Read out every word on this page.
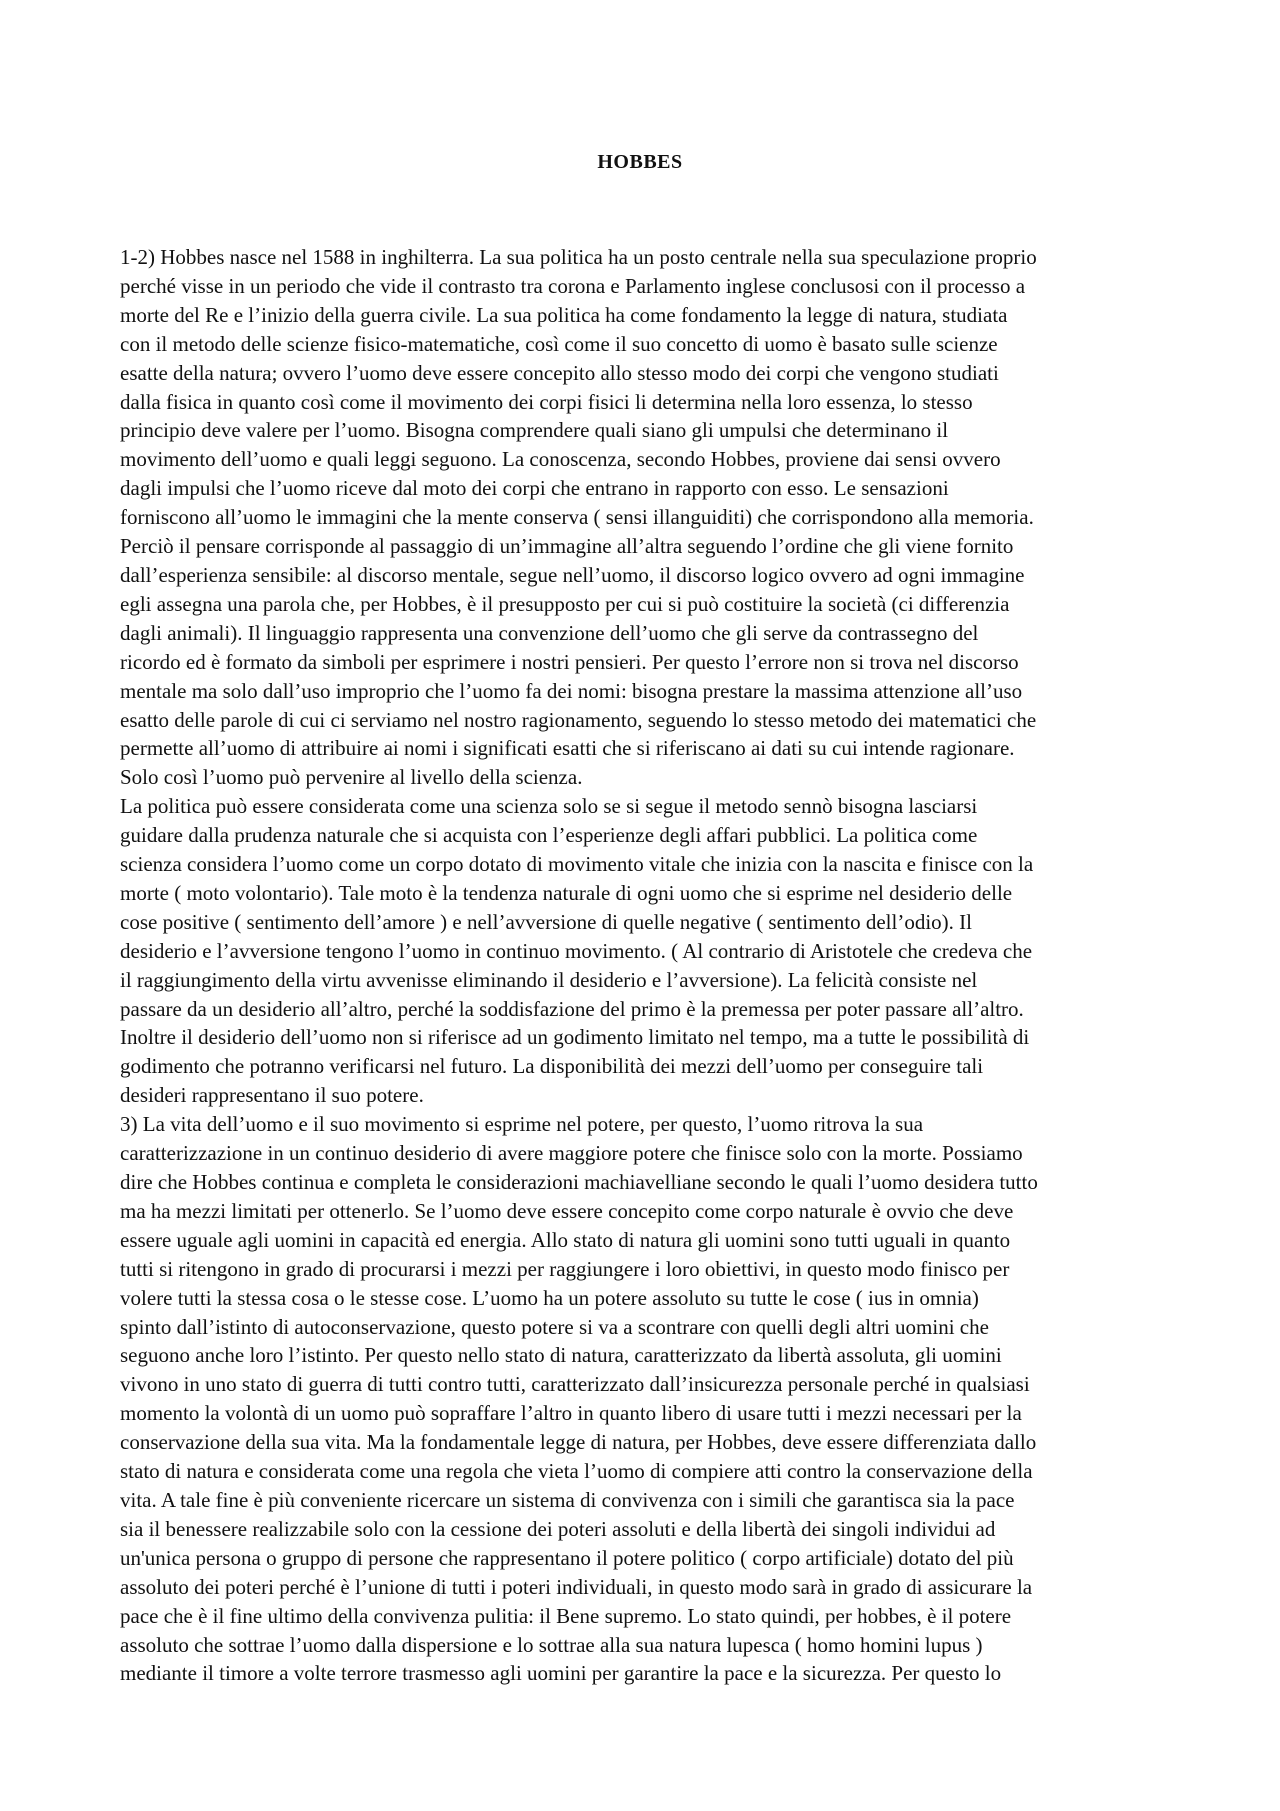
HOBBES
1-2) Hobbes nasce nel 1588 in inghilterra. La sua politica ha un posto centrale nella sua speculazione proprio
perché visse in un periodo che vide il contrasto tra corona e Parlamento inglese conclusosi con il processo a
morte del Re e l’inizio della guerra civile. La sua politica ha come fondamento la legge di natura, studiata
con il metodo delle scienze fisico-matematiche, così come il suo concetto di uomo è basato sulle scienze
esatte della natura; ovvero l’uomo deve essere concepito allo stesso modo dei corpi che vengono studiati
dalla fisica in quanto così come il movimento dei corpi fisici li determina nella loro essenza, lo stesso
principio deve valere per l’uomo. Bisogna comprendere quali siano gli umpulsi che determinano il
movimento dell’uomo e quali leggi seguono. La conoscenza, secondo Hobbes, proviene dai sensi ovvero
dagli impulsi che l’uomo riceve dal moto dei corpi che entrano in rapporto con esso. Le sensazioni
forniscono all’uomo le immagini che la mente conserva ( sensi illanguiditi) che corrispondono alla memoria.
Perciò il pensare corrisponde al passaggio di un’immagine all’altra seguendo l’ordine che gli viene fornito
dall’esperienza sensibile: al discorso mentale, segue nell’uomo, il discorso logico ovvero ad ogni immagine
egli assegna una parola che, per Hobbes, è il presupposto per cui si può costituire la società (ci differenzia
dagli animali). Il linguaggio rappresenta una convenzione dell’uomo che gli serve da contrassegno del
ricordo ed è formato da simboli per esprimere i nostri pensieri. Per questo l’errore non si trova nel discorso
mentale ma solo dall’uso improprio che l’uomo fa dei nomi: bisogna prestare la massima attenzione all’uso
esatto delle parole di cui ci serviamo nel nostro ragionamento, seguendo lo stesso metodo dei matematici che
permette all’uomo di attribuire ai nomi i significati esatti che si riferiscano ai dati su cui intende ragionare.
Solo così l’uomo può pervenire al livello della scienza.
La politica può essere considerata come una scienza solo se si segue il metodo sennò bisogna lasciarsi
guidare dalla prudenza naturale che si acquista con l’esperienze degli affari pubblici. La politica come
scienza considera l’uomo come un corpo dotato di movimento vitale che inizia con la nascita e finisce con la
morte ( moto volontario). Tale moto è la tendenza naturale di ogni uomo che si esprime nel desiderio delle
cose positive ( sentimento dell’amore ) e nell’avversione di quelle negative ( sentimento dell’odio). Il
desiderio e l’avversione tengono l’uomo in continuo movimento. ( Al contrario di Aristotele che credeva che
il raggiungimento della virtu avvenisse eliminando il desiderio e l’avversione). La felicità consiste nel
passare da un desiderio all’altro, perché la soddisfazione del primo è la premessa per poter passare all’altro.
Inoltre il desiderio dell’uomo non si riferisce ad un godimento limitato nel tempo, ma a tutte le possibilità di
godimento che potranno verificarsi nel futuro. La disponibilità dei mezzi dell’uomo per conseguire tali
desideri rappresentano il suo potere.
3) La vita dell’uomo e il suo movimento si esprime nel potere, per questo, l’uomo ritrova la sua
caratterizzazione in un continuo desiderio di avere maggiore potere che finisce solo con la morte. Possiamo
dire che Hobbes continua e completa le considerazioni machiavelliane secondo le quali l’uomo desidera tutto
ma ha mezzi limitati per ottenerlo. Se l’uomo deve essere concepito come corpo naturale è ovvio che deve
essere uguale agli uomini in capacità ed energia. Allo stato di natura gli uomini sono tutti uguali in quanto
tutti si ritengono in grado di procurarsi i mezzi per raggiungere i loro obiettivi, in questo modo finisco per
volere tutti la stessa cosa o le stesse cose. L’uomo ha un potere assoluto su tutte le cose ( ius in omnia)
spinto dall’istinto di autoconservazione, questo potere si va a scontrare con quelli degli altri uomini che
seguono anche loro l’istinto. Per questo nello stato di natura, caratterizzato da libertà assoluta, gli uomini
vivono in uno stato di guerra di tutti contro tutti, caratterizzato dall’insicurezza personale perché in qualsiasi
momento la volontà di un uomo può sopraffare l’altro in quanto libero di usare tutti i mezzi necessari per la
conservazione della sua vita. Ma la fondamentale legge di natura, per Hobbes, deve essere differenziata dallo
stato di natura e considerata come una regola che vieta l’uomo di compiere atti contro la conservazione della
vita. A tale fine è più conveniente ricercare un sistema di convivenza con i simili che garantisca sia la pace
sia il benessere realizzabile solo con la cessione dei poteri assoluti e della libertà dei singoli individui ad
un'unica persona o gruppo di persone che rappresentano il potere politico ( corpo artificiale) dotato del più
assoluto dei poteri perché è l’unione di tutti i poteri individuali, in questo modo sarà in grado di assicurare la
pace che è il fine ultimo della convivenza pulitia: il Bene supremo. Lo stato quindi, per hobbes, è il potere
assoluto che sottrae l’uomo dalla dispersione e lo sottrae alla sua natura lupesca ( homo homini lupus )
mediante il timore a volte terrore trasmesso agli uomini per garantire la pace e la sicurezza. Per questo lo
